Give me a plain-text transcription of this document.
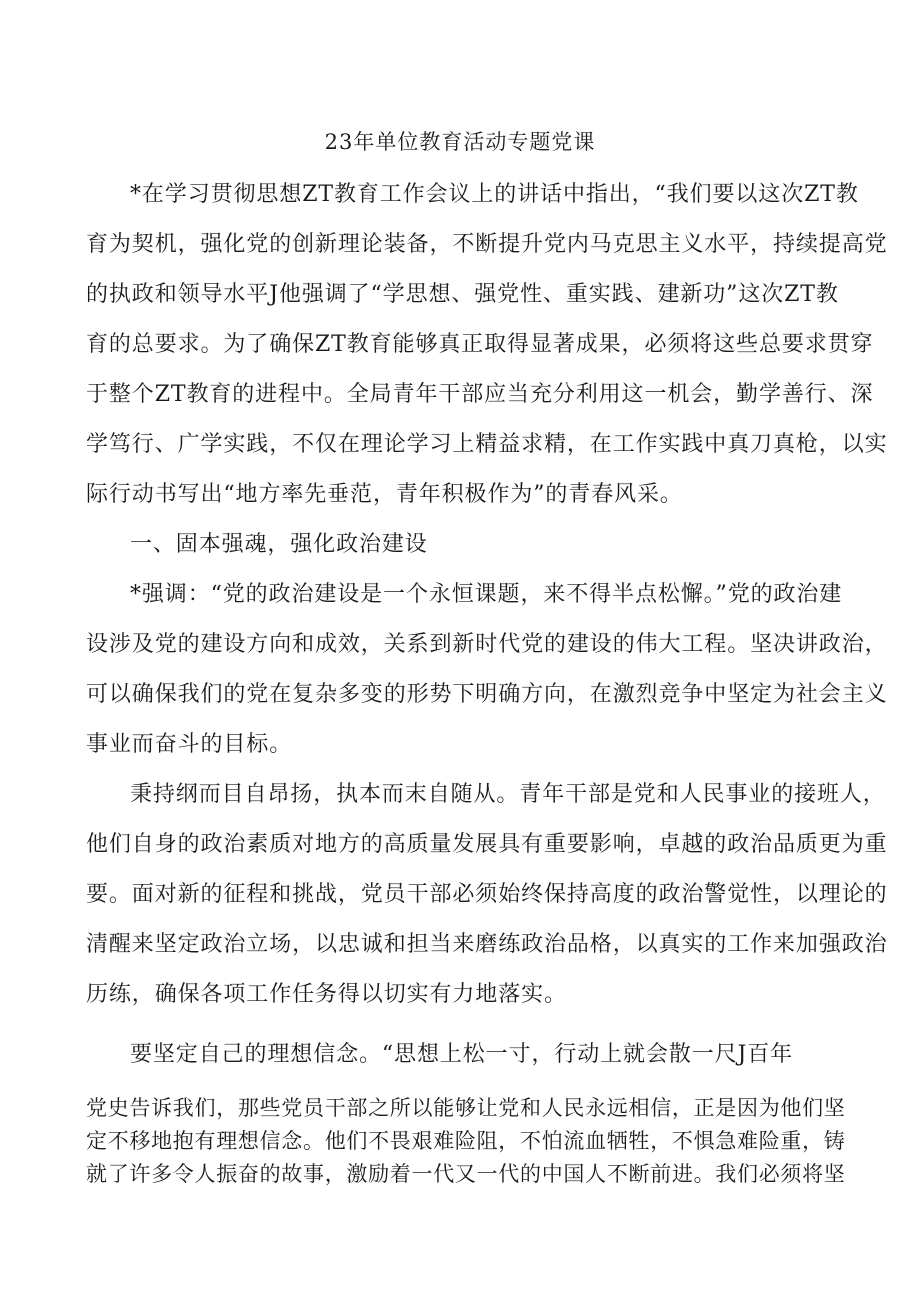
23年单位教育活动专题党课
*在学习贯彻思想ZT教育工作会议上的讲话中指出，“我们要以这次ZT教
育为契机，强化党的创新理论装备，不断提升党内马克思主义水平，持续提高党
的执政和领导水平J他强调了“学思想、强党性、重实践、建新功”这次ZT教
育的总要求。为了确保ZT教育能够真正取得显著成果，必须将这些总要求贯穿
于整个ZT教育的进程中。全局青年干部应当充分利用这一机会，勤学善行、深
学笃行、广学实践，不仅在理论学习上精益求精，在工作实践中真刀真枪，以实
际行动书写出“地方率先垂范，青年积极作为”的青春风采。
一、固本强魂，强化政治建设
*强调：“党的政治建设是一个永恒课题，来不得半点松懈。”党的政治建
设涉及党的建设方向和成效，关系到新时代党的建设的伟大工程。坚决讲政治，
可以确保我们的党在复杂多变的形势下明确方向，在激烈竞争中坚定为社会主义
事业而奋斗的目标。
秉持纲而目自昂扬，执本而末自随从。青年干部是党和人民事业的接班人，
他们自身的政治素质对地方的高质量发展具有重要影响，卓越的政治品质更为重
要。面对新的征程和挑战，党员干部必须始终保持高度的政治警觉性，以理论的
清醒来坚定政治立场，以忠诚和担当来磨练政治品格，以真实的工作来加强政治
历练，确保各项工作任务得以切实有力地落实。
要坚定自己的理想信念。“思想上松一寸，行动上就会散一尺J百年
党史告诉我们，那些党员干部之所以能够让党和人民永远相信，正是因为他们坚
定不移地抱有理想信念。他们不畏艰难险阻，不怕流血牺牲，不惧急难险重，铸
就了许多令人振奋的故事，激励着一代又一代的中国人不断前进。我们必须将坚
